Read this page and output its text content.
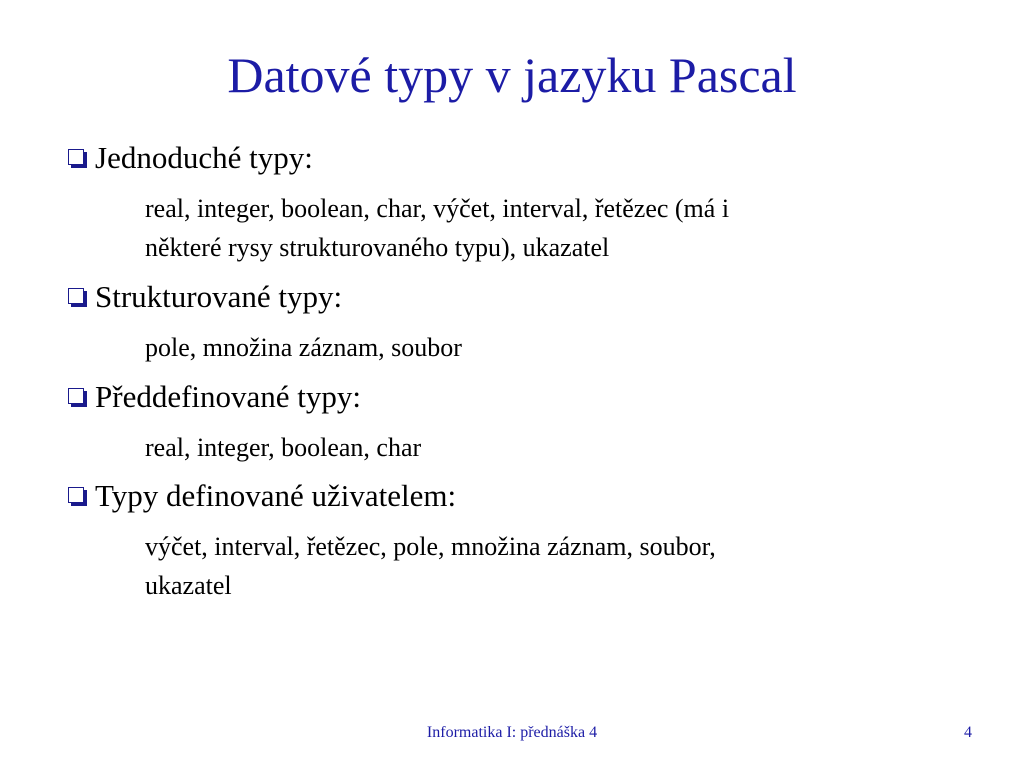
Datové typy v jazyku Pascal
Jednoduché typy:
real, integer, boolean, char, výčet, interval, řetězec (má i
některé rysy strukturovaného typu), ukazatel
Strukturované typy:
pole, množina záznam, soubor
Předdefinované typy:
real, integer, boolean, char
Typy definované uživatelem:
výčet, interval, řetězec, pole, množina záznam, soubor,
ukazatel
Informatika I: přednáška 4	4
